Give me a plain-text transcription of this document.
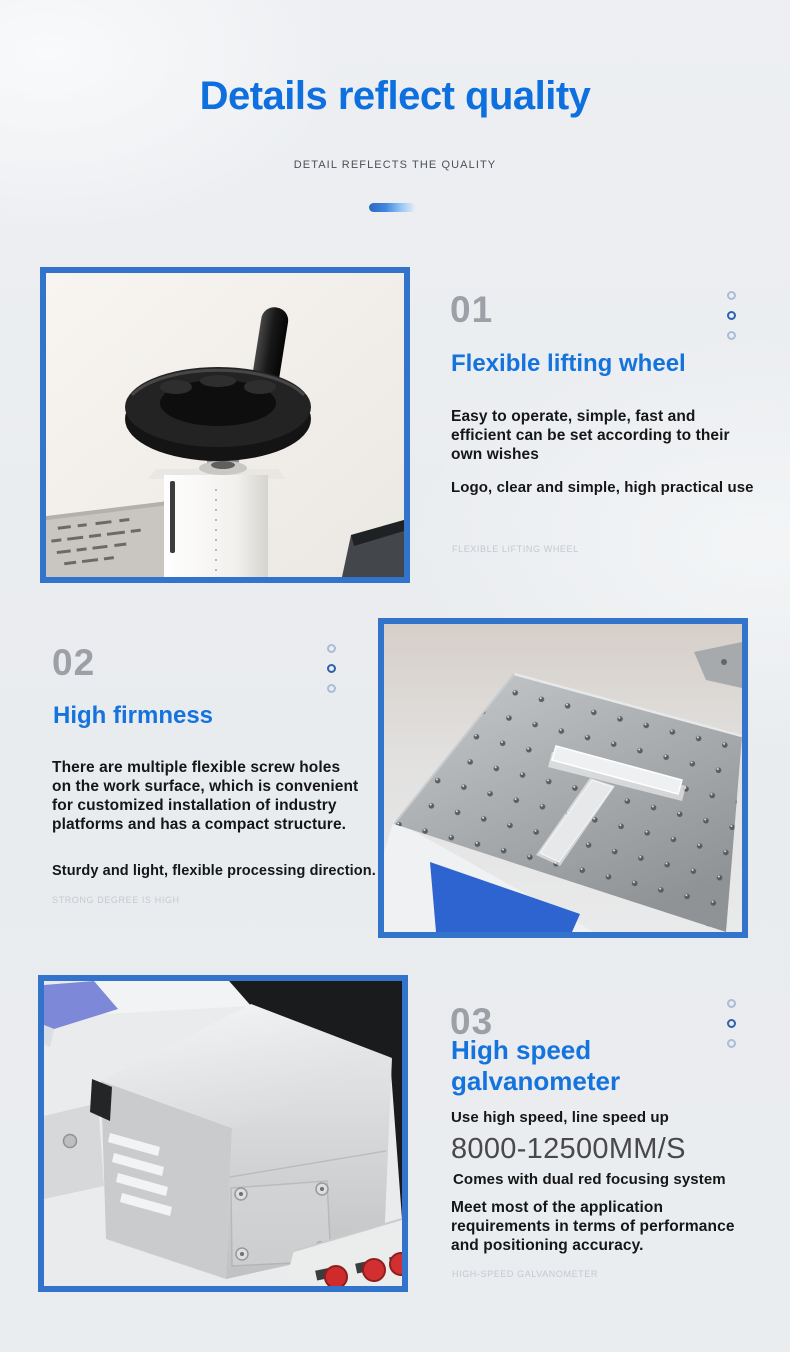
Details reflect quality
DETAIL REFLECTS THE QUALITY
01
Flexible lifting wheel
Easy to operate, simple, fast and efficient can be set according to their own wishes
Logo, clear and simple, high practical use
FLEXIBLE LIFTING WHEEL
02
High firmness
There are multiple flexible screw holes on the work surface, which is convenient for customized installation of industry platforms and has a compact structure.
Sturdy and light, flexible processing direction.
STRONG DEGREE IS HIGH
03
High speed galvanometer
Use high speed, line speed up
8000-12500MM/S
Comes with dual red focusing system
Meet most of the application requirements in terms of performance and positioning accuracy.
HIGH-SPEED GALVANOMETER
